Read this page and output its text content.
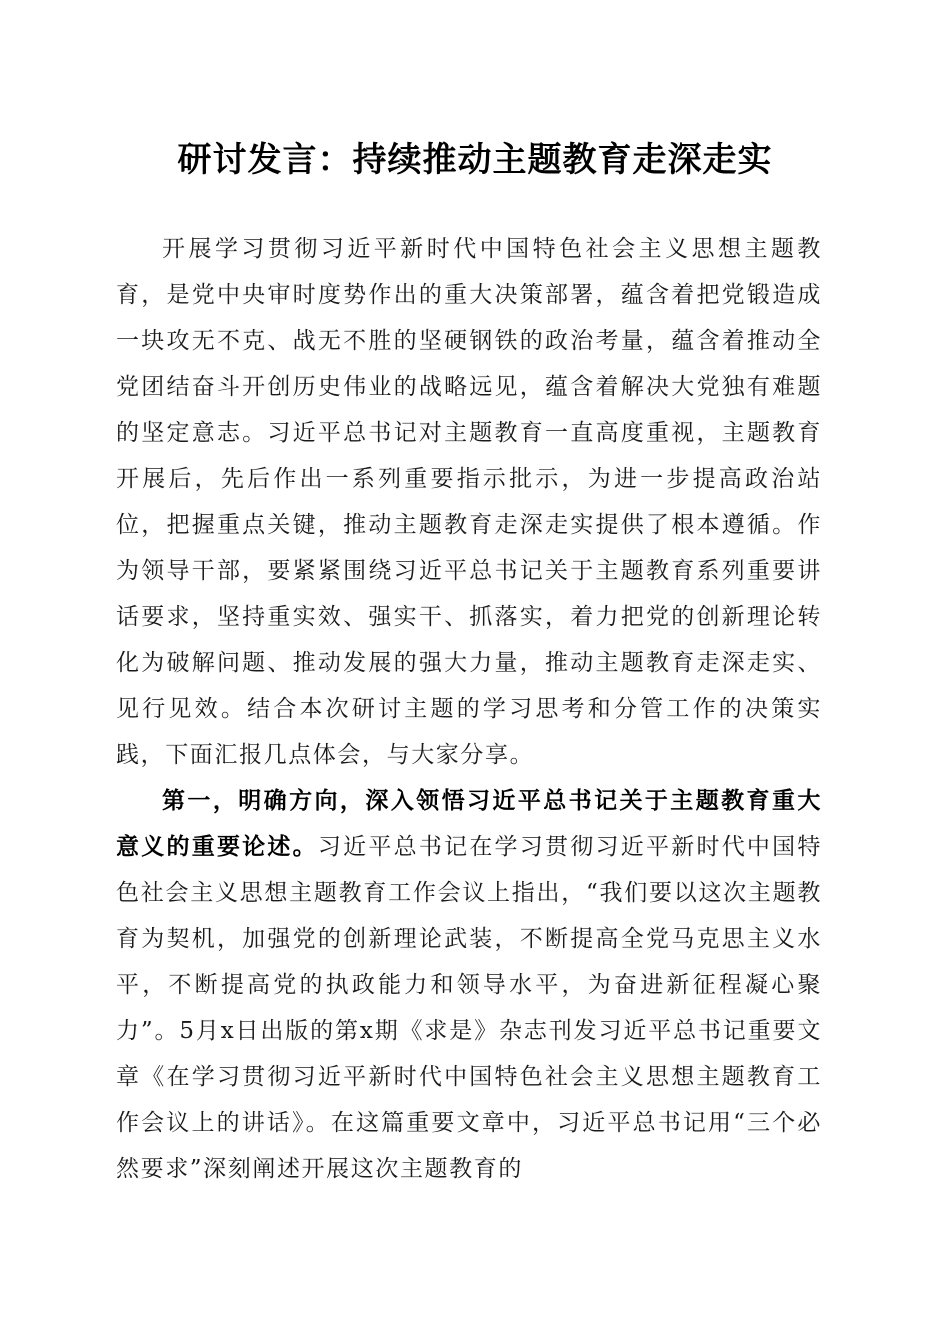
研讨发言：持续推动主题教育走深走实

开展学习贯彻习近平新时代中国特色社会主义思想主题教育，是党中央审时度势作出的重大决策部署，蕴含着把党锻造成一块攻无不克、战无不胜的坚硬钢铁的政治考量，蕴含着推动全党团结奋斗开创历史伟业的战略远见，蕴含着解决大党独有难题的坚定意志。习近平总书记对主题教育一直高度重视，主题教育开展后，先后作出一系列重要指示批示，为进一步提高政治站位，把握重点关键，推动主题教育走深走实提供了根本遵循。作为领导干部，要紧紧围绕习近平总书记关于主题教育系列重要讲话要求，坚持重实效、强实干、抓落实，着力把党的创新理论转化为破解问题、推动发展的强大力量，推动主题教育走深走实、见行见效。结合本次研讨主题的学习思考和分管工作的决策实践，下面汇报几点体会，与大家分享。

第一，明确方向，深入领悟习近平总书记关于主题教育重大意义的重要论述。习近平总书记在学习贯彻习近平新时代中国特色社会主义思想主题教育工作会议上指出，“我们要以这次主题教育为契机，加强党的创新理论武装，不断提高全党马克思主义水平，不断提高党的执政能力和领导水平，为奋进新征程凝心聚力”。5月x日出版的第x期《求是》杂志刊发习近平总书记重要文章《在学习贯彻习近平新时代中国特色社会主义思想主题教育工作会议上的讲话》。在这篇重要文章中，习近平总书记用“三个必然要求”深刻阐述开展这次主题教育的
